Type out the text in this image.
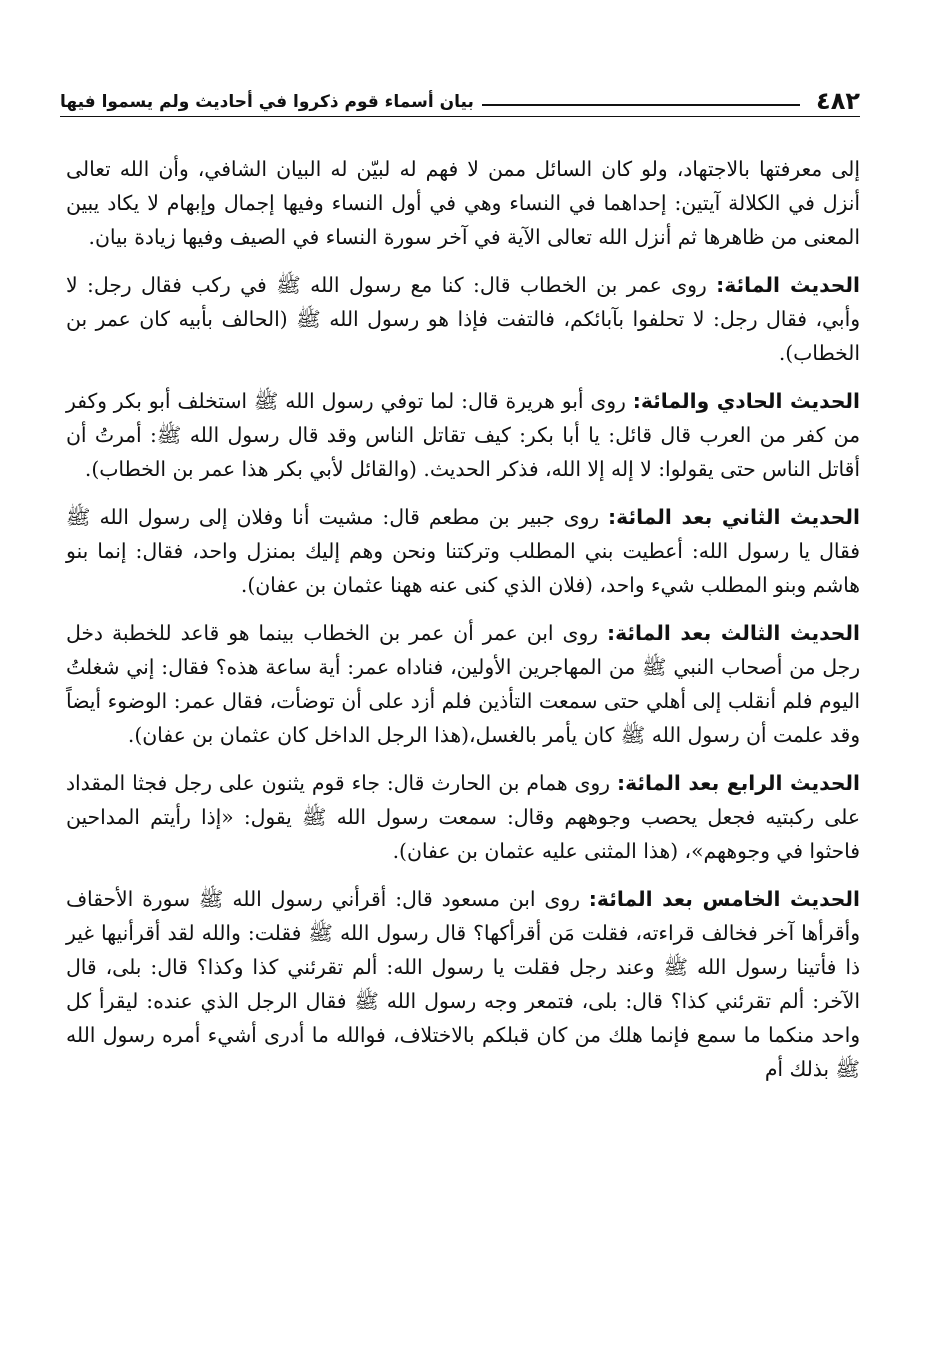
٤٨٢
بيان أسماء قوم ذكروا في أحاديث ولم يسموا فيها

إلى معرفتها بالاجتهاد، ولو كان السائل ممن لا فهم له لبيّن له البيان الشافي، وأن الله تعالى أنزل في الكلالة آيتين: إحداهما في النساء وهي في أول النساء وفيها إجمال وإبهام لا يكاد يبين المعنى من ظاهرها ثم أنزل الله تعالى الآية في آخر سورة النساء في الصيف وفيها زيادة بيان.

الحديث المائة: روى عمر بن الخطاب قال: كنا مع رسول الله ﷺ في ركب فقال رجل: لا وأبي، فقال رجل: لا تحلفوا بآبائكم، فالتفت فإذا هو رسول الله ﷺ (الحالف بأبيه كان عمر بن الخطاب).

الحديث الحادي والمائة: روى أبو هريرة قال: لما توفي رسول الله ﷺ استخلف أبو بكر وكفر من كفر من العرب قال قائل: يا أبا بكر: كيف تقاتل الناس وقد قال رسول الله ﷺ: أمرتُ أن أقاتل الناس حتى يقولوا: لا إله إلا الله، فذكر الحديث. (والقائل لأبي بكر هذا عمر بن الخطاب).

الحديث الثاني بعد المائة: روى جبير بن مطعم قال: مشيت أنا وفلان إلى رسول الله ﷺ فقال يا رسول الله: أعطيت بني المطلب وتركتنا ونحن وهم إليك بمنزل واحد، فقال: إنما بنو هاشم وبنو المطلب شيء واحد، (فلان الذي كنى عنه ههنا عثمان بن عفان).

الحديث الثالث بعد المائة: روى ابن عمر أن عمر بن الخطاب بينما هو قاعد للخطبة دخل رجل من أصحاب النبي ﷺ من المهاجرين الأولين، فناداه عمر: أية ساعة هذه؟ فقال: إني شغلتُ اليوم فلم أنقلب إلى أهلي حتى سمعت التأذين فلم أزد على أن توضأت، فقال عمر: الوضوء أيضاً وقد علمت أن رسول الله ﷺ كان يأمر بالغسل،(هذا الرجل الداخل كان عثمان بن عفان).

الحديث الرابع بعد المائة: روى همام بن الحارث قال: جاء قوم يثنون على رجل فجثا المقداد على ركبتيه فجعل يحصب وجوههم وقال: سمعت رسول الله ﷺ يقول: «إذا رأيتم المداحين فاحثوا في وجوههم»، (هذا المثنى عليه عثمان بن عفان).

الحديث الخامس بعد المائة: روى ابن مسعود قال: أقرأني رسول الله ﷺ سورة الأحقاف وأقرأها آخر فخالف قراءته، فقلت مَن أقرأكها؟ قال رسول الله ﷺ فقلت: والله لقد أقرأنيها غير ذا فأتينا رسول الله ﷺ وعند رجل فقلت يا رسول الله: ألم تقرئني كذا وكذا؟ قال: بلى، قال الآخر: ألم تقرئني كذا؟ قال: بلى، فتمعر وجه رسول الله ﷺ فقال الرجل الذي عنده: ليقرأ كل واحد منكما ما سمع فإنما هلك من كان قبلكم بالاختلاف، فوالله ما أدرى أشيء أمره رسول الله ﷺ بذلك أم
